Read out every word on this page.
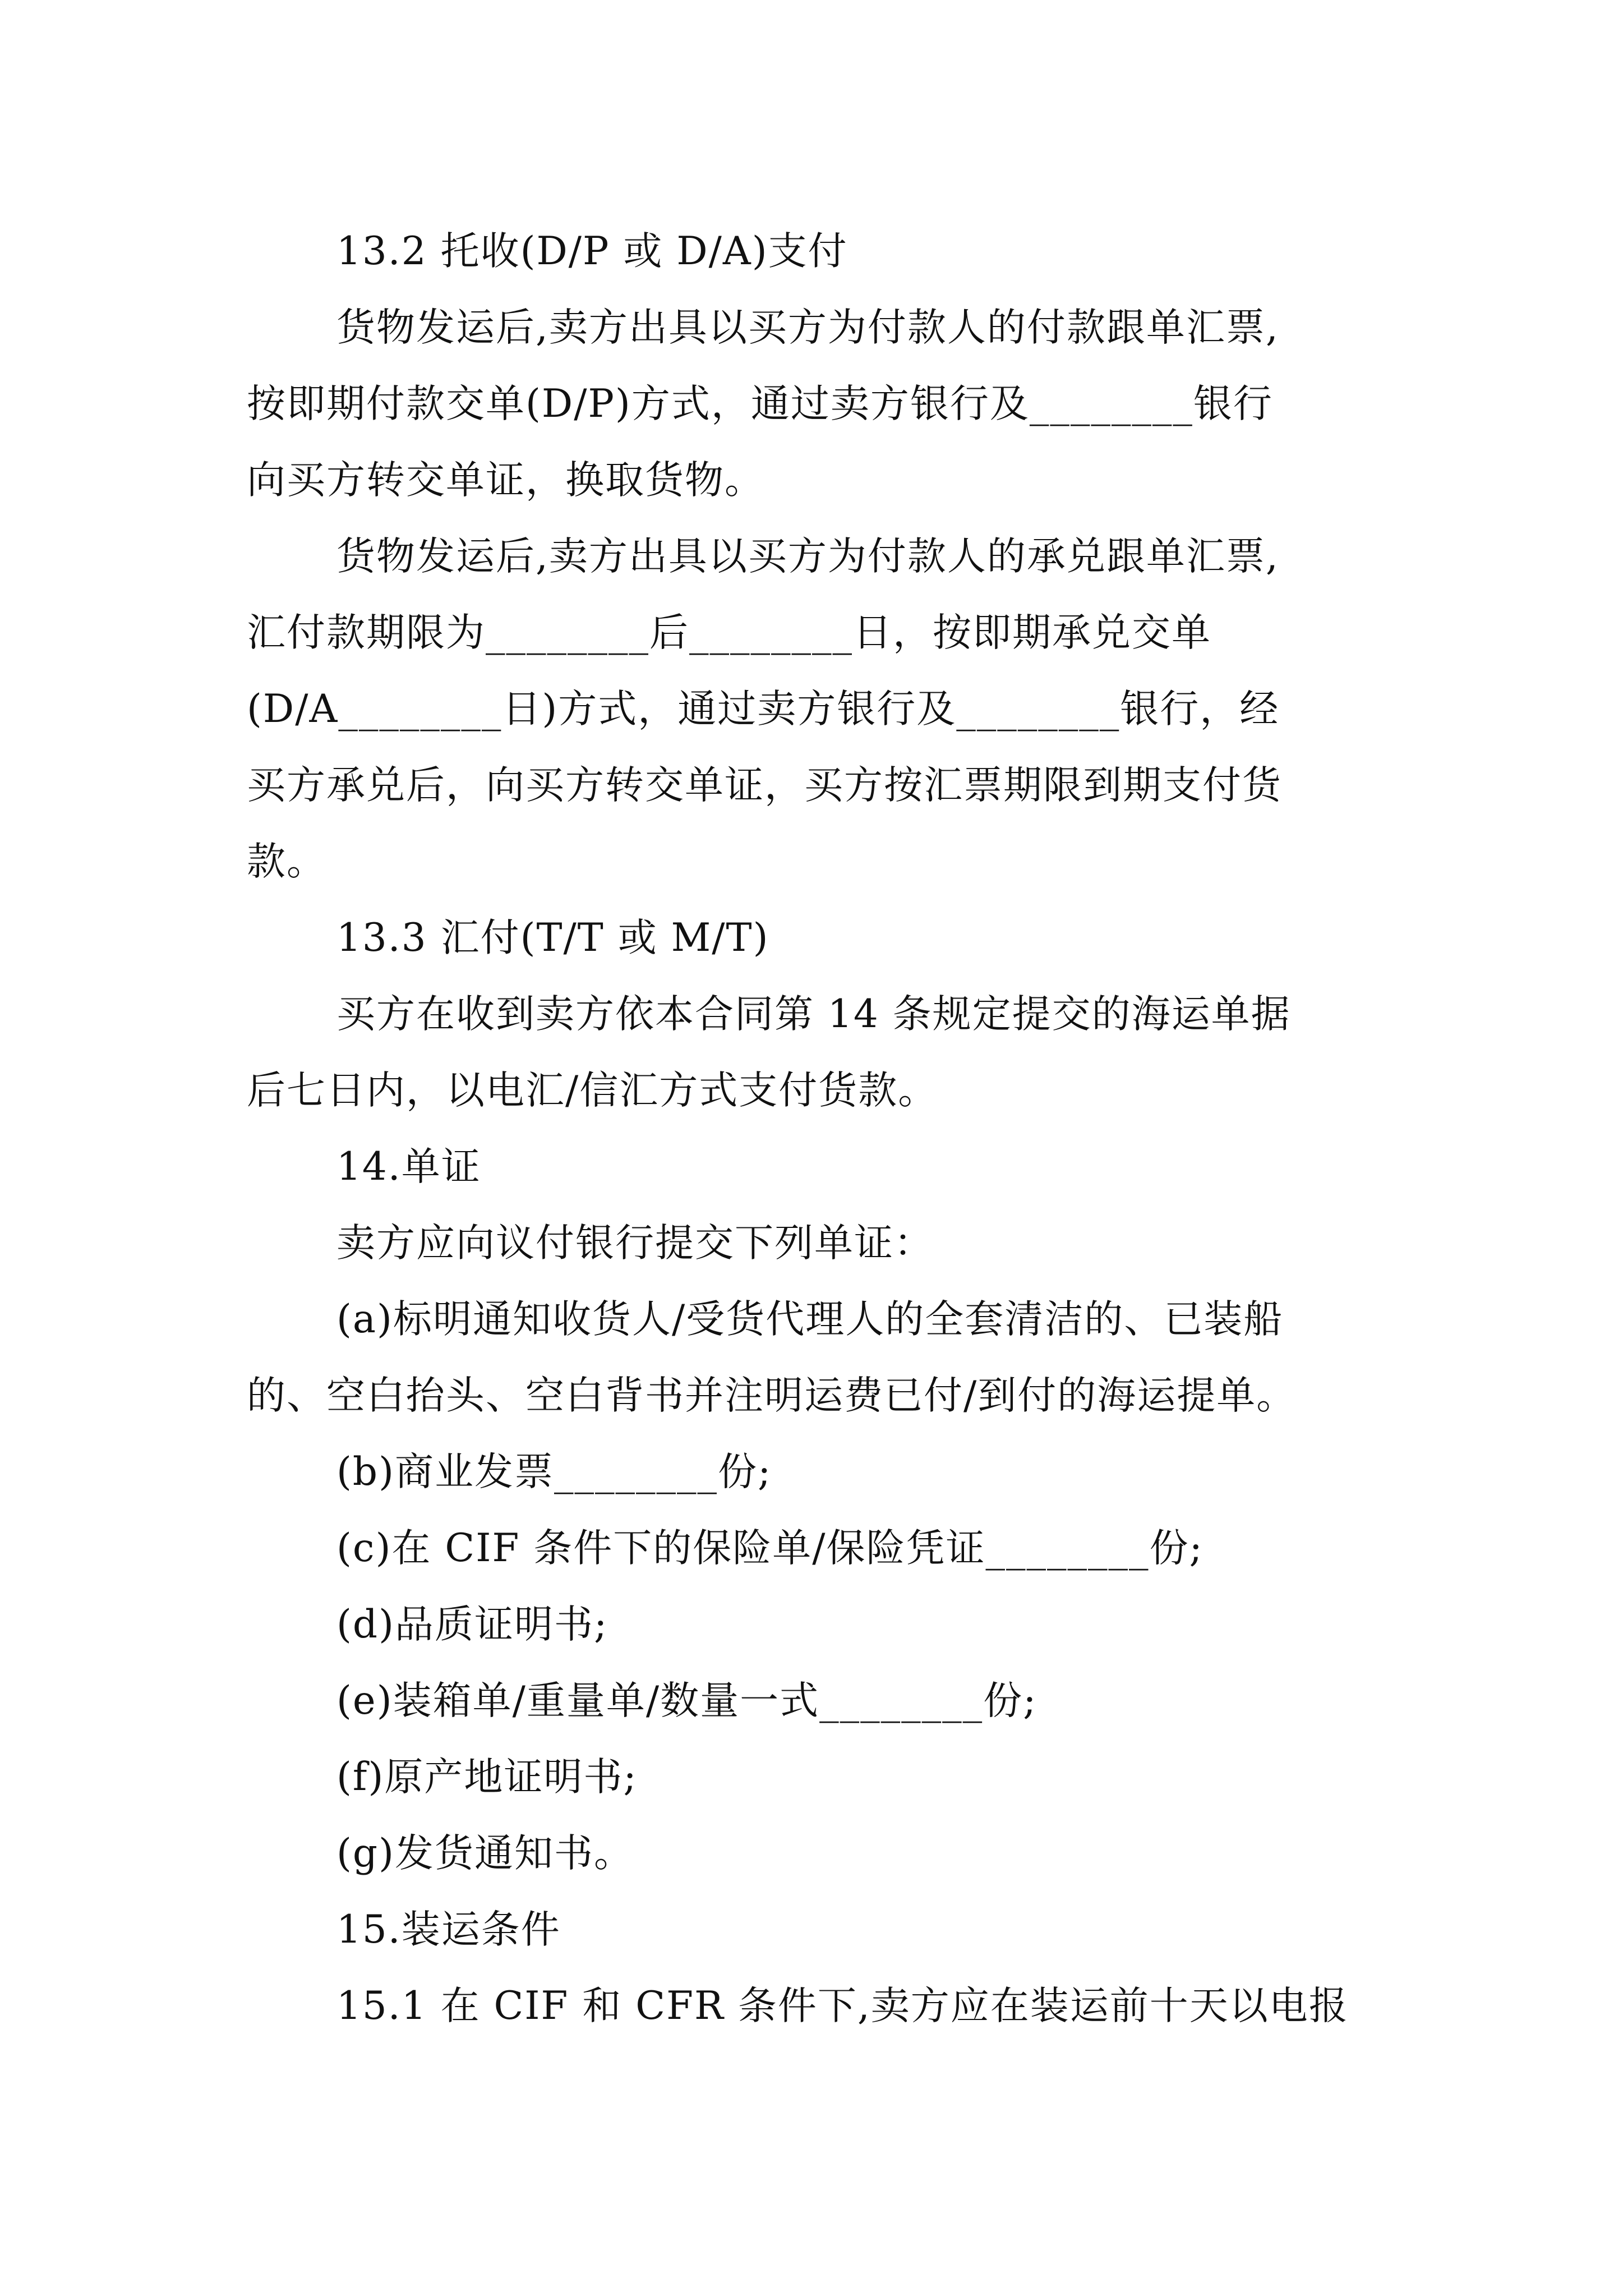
13.2 托收(D/P 或 D/A)支付
货物发运后,卖方出具以买方为付款人的付款跟单汇票,
按即期付款交单(D/P)方式，通过卖方银行及________银行
向买方转交单证，换取货物。
货物发运后,卖方出具以买方为付款人的承兑跟单汇票,
汇付款期限为________后________日，按即期承兑交单
(D/A________日)方式，通过卖方银行及________银行，经
买方承兑后，向买方转交单证，买方按汇票期限到期支付货
款。
13.3 汇付(T/T 或 M/T)
买方在收到卖方依本合同第 14 条规定提交的海运单据
后七日内，以电汇/信汇方式支付货款。
14.单证
卖方应向议付银行提交下列单证：
(a)标明通知收货人/受货代理人的全套清洁的、已装船
的、空白抬头、空白背书并注明运费已付/到付的海运提单。
(b)商业发票________份;
(c)在 CIF 条件下的保险单/保险凭证________份;
(d)品质证明书;
(e)装箱单/重量单/数量一式________份;
(f)原产地证明书;
(g)发货通知书。
15.装运条件
15.1 在 CIF 和 CFR 条件下,卖方应在装运前十天以电报
